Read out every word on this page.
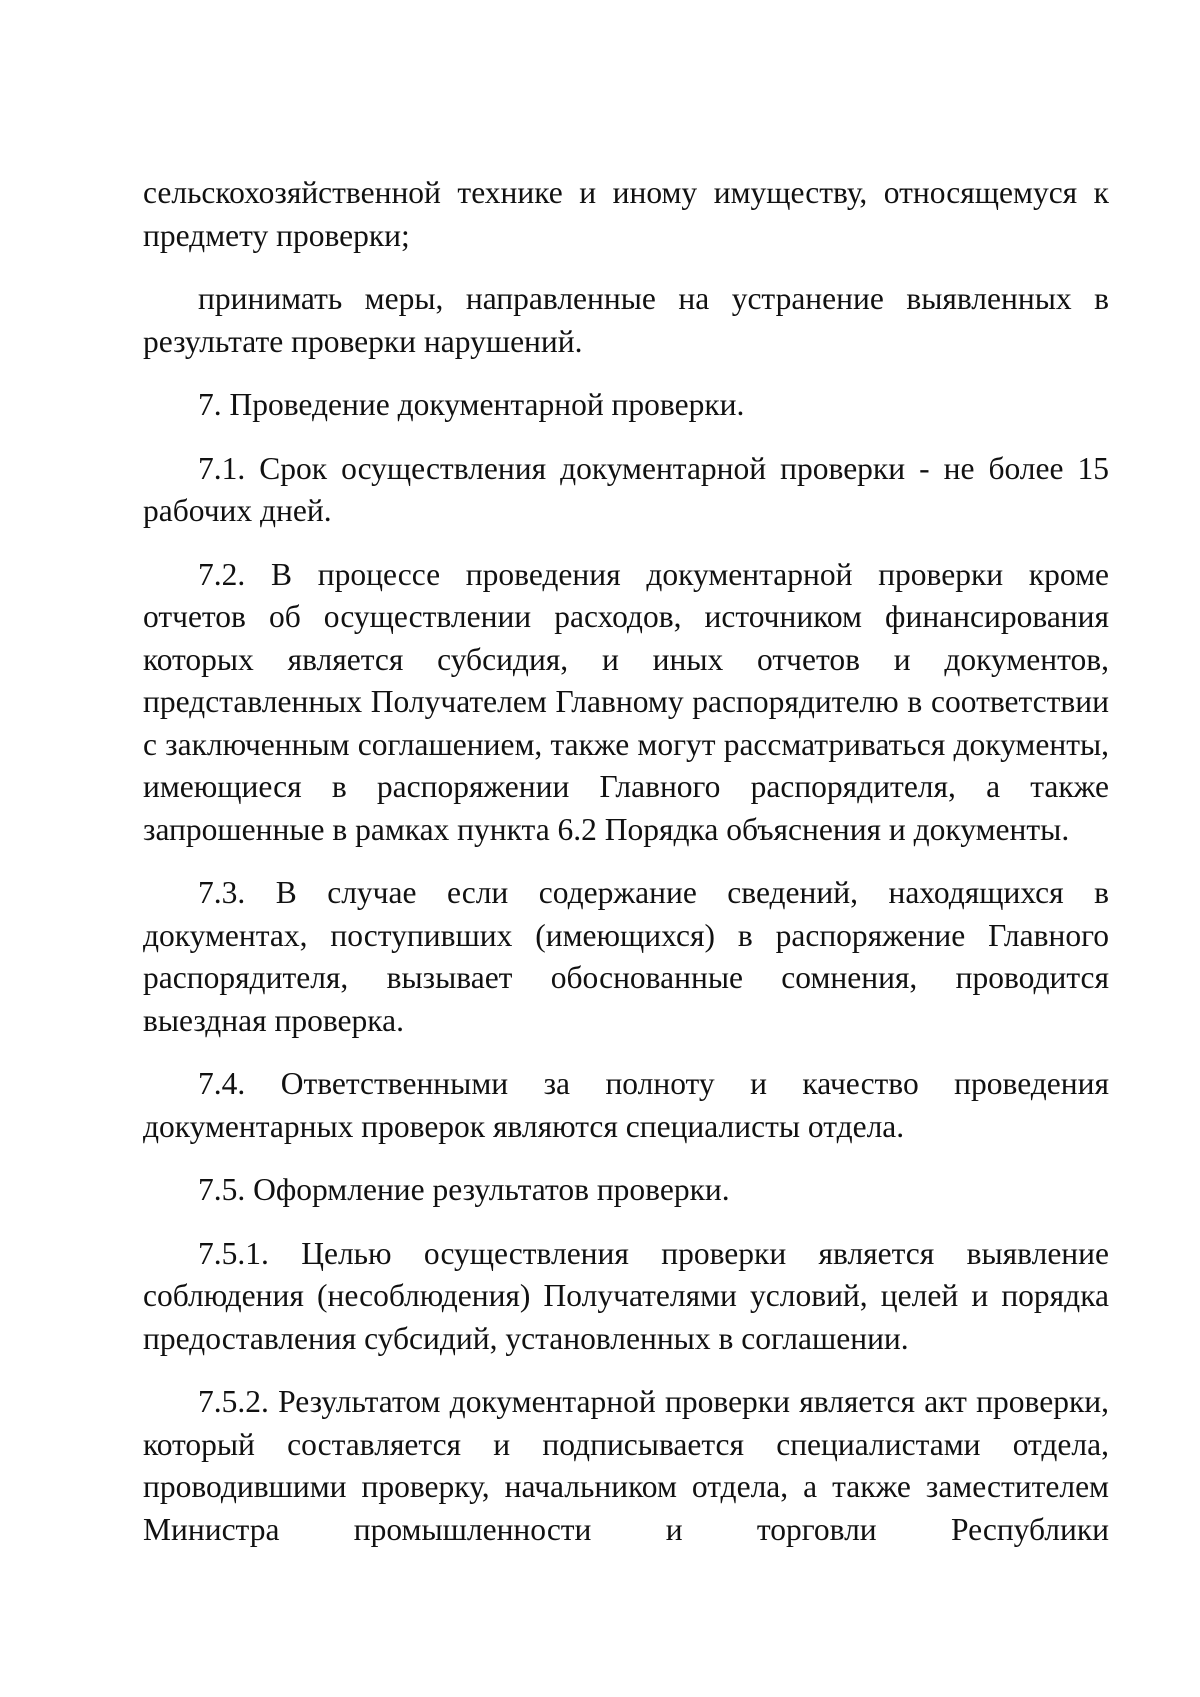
сельскохозяйственной технике и иному имуществу, относящемуся к предмету проверки;

принимать меры, направленные на устранение выявленных в результате проверки нарушений.

7. Проведение документарной проверки.

7.1. Срок осуществления документарной проверки - не более 15 рабочих дней.

7.2. В процессе проведения документарной проверки кроме отчетов об осуществлении расходов, источником финансирования которых является субсидия, и иных отчетов и документов, представленных Получателем Главному распорядителю в соответствии с заключенным соглашением, также могут рассматриваться документы, имеющиеся в распоряжении Главного распорядителя, а также запрошенные в рамках пункта 6.2 Порядка объяснения и документы.

7.3. В случае если содержание сведений, находящихся в документах, поступивших (имеющихся) в распоряжение Главного распорядителя, вызывает обоснованные сомнения, проводится выездная проверка.

7.4. Ответственными за полноту и качество проведения документарных проверок являются специалисты отдела.

7.5. Оформление результатов проверки.

7.5.1. Целью осуществления проверки является выявление соблюдения (несоблюдения) Получателями условий, целей и порядка предоставления субсидий, установленных в соглашении.

7.5.2. Результатом документарной проверки является акт проверки, который составляется и подписывается специалистами отдела, проводившими проверку, начальником отдела, а также заместителем Министра промышленности и торговли Республики
